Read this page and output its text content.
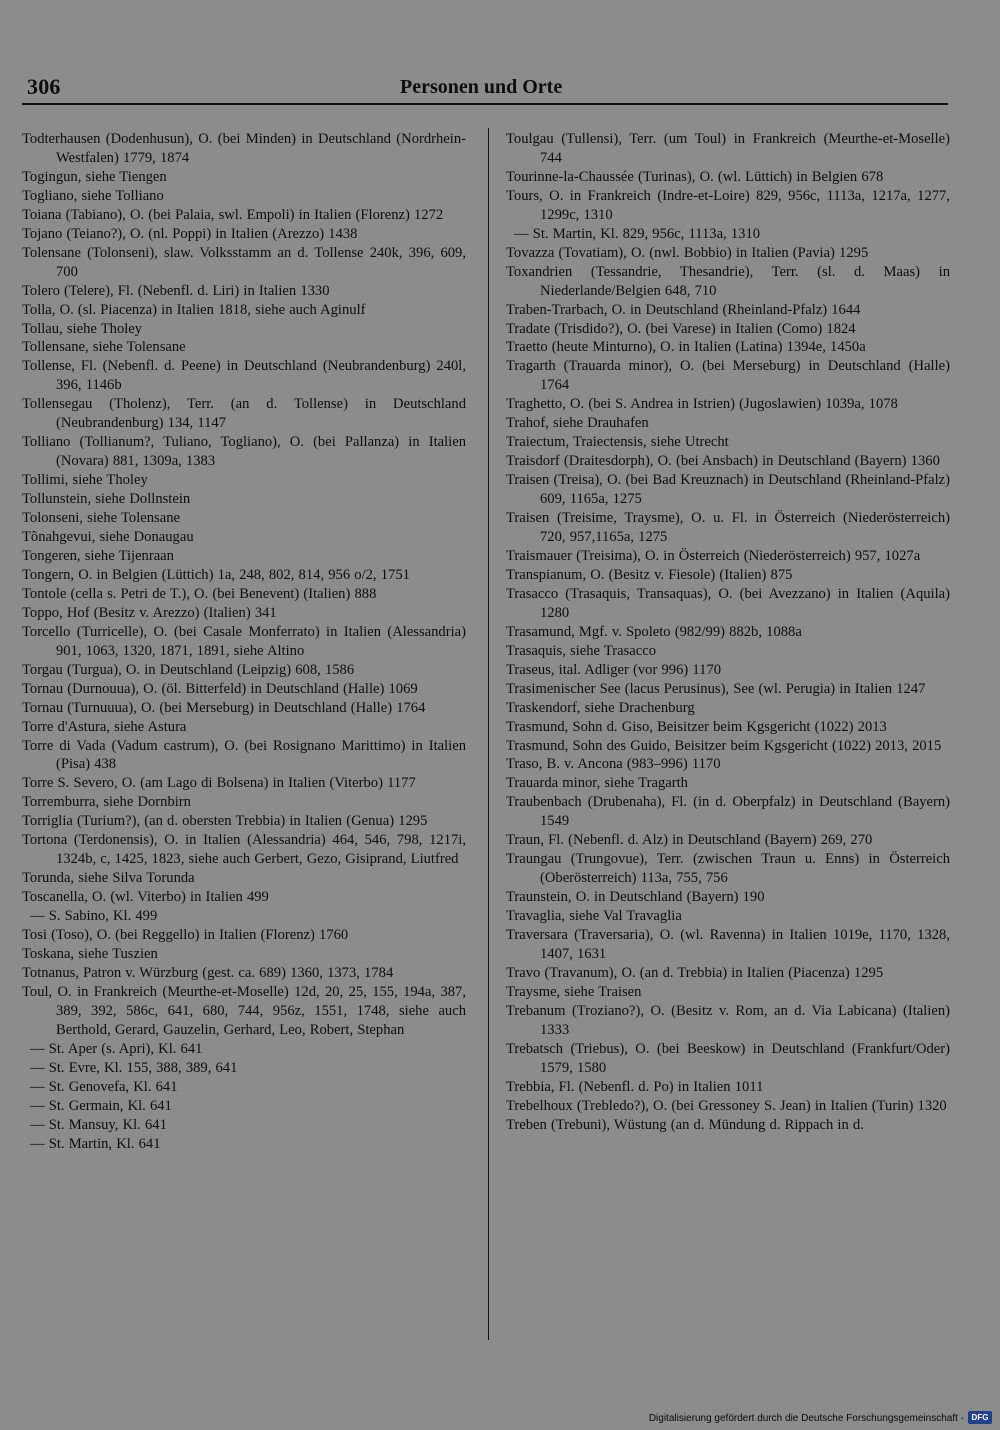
306	Personen und Orte

Todterhausen (Dodenhusun), O. (bei Minden) in Deutschland (Nordrhein-Westfalen) 1779, 1874

Togingun, siehe Tiengen

Togliano, siehe Tolliano

Toiana (Tabiano), O. (bei Palaia, swl. Empoli) in Italien (Florenz) 1272

Tojano (Teiano?), O. (nl. Poppi) in Italien (Arezzo) 1438

Tolensane (Tolonseni), slaw. Volksstamm an d. Tollense 240k, 396, 609, 700

Tolero (Telere), Fl. (Nebenfl. d. Liri) in Italien 1330

Tolla, O. (sl. Piacenza) in Italien 1818, siehe auch Aginulf

Tollau, siehe Tholey

Tollensane, siehe Tolensane

Tollense, Fl. (Nebenfl. d. Peene) in Deutschland (Neubrandenburg) 240l, 396, 1146b

Tollensegau (Tholenz), Terr. (an d. Tollense) in Deutschland (Neubrandenburg) 134, 1147

Tolliano (Tollianum?, Tuliano, Togliano), O. (bei Pallanza) in Italien (Novara) 881, 1309a, 1383

Tollimi, siehe Tholey

Tollunstein, siehe Dollnstein

Tolonseni, siehe Tolensane

Tõnahgevui, siehe Donaugau

Tongeren, siehe Tijenraan

Tongern, O. in Belgien (Lüttich) 1a, 248, 802, 814, 956 o/2, 1751

Tontole (cella s. Petri de T.), O. (bei Benevent) (Italien) 888

Toppo, Hof (Besitz v. Arezzo) (Italien) 341

Torcello (Turricelle), O. (bei Casale Monferrato) in Italien (Alessandria) 901, 1063, 1320, 1871, 1891, siehe Altino

Torgau (Turgua), O. in Deutschland (Leipzig) 608, 1586

Tornau (Durnouua), O. (öl. Bitterfeld) in Deutschland (Halle) 1069

Tornau (Turnuuua), O. (bei Merseburg) in Deutschland (Halle) 1764

Torre d'Astura, siehe Astura

Torre di Vada (Vadum castrum), O. (bei Rosignano Marittimo) in Italien (Pisa) 438

Torre S. Severo, O. (am Lago di Bolsena) in Italien (Viterbo) 1177

Torremburra, siehe Dornbirn

Torriglia (Turium?), (an d. obersten Trebbia) in Italien (Genua) 1295

Tortona (Terdonensis), O. in Italien (Alessandria) 464, 546, 798, 1217i, 1324b, c, 1425, 1823, siehe auch Gerbert, Gezo, Gisiprand, Liutfred

Torunda, siehe Silva Torunda

Toscanella, O. (wl. Viterbo) in Italien 499

— S. Sabino, Kl. 499

Tosi (Toso), O. (bei Reggello) in Italien (Florenz) 1760

Toskana, siehe Tuszien

Totnanus, Patron v. Würzburg (gest. ca. 689) 1360, 1373, 1784

Toul, O. in Frankreich (Meurthe-et-Moselle) 12d, 20, 25, 155, 194a, 387, 389, 392, 586c, 641, 680, 744, 956z, 1551, 1748, siehe auch Berthold, Gerard, Gauzelin, Gerhard, Leo, Robert, Stephan

— St. Aper (s. Apri), Kl. 641

— St. Evre, Kl. 155, 388, 389, 641

— St. Genovefa, Kl. 641

— St. Germain, Kl. 641

— St. Mansuy, Kl. 641

— St. Martin, Kl. 641

Toulgau (Tullensi), Terr. (um Toul) in Frankreich (Meurthe-et-Moselle) 744

Tourinne-la-Chaussée (Turinas), O. (wl. Lüttich) in Belgien 678

Tours, O. in Frankreich (Indre-et-Loire) 829, 956c, 1113a, 1217a, 1277, 1299c, 1310

— St. Martin, Kl. 829, 956c, 1113a, 1310

Tovazza (Tovatiam), O. (nwl. Bobbio) in Italien (Pavia) 1295

Toxandrien (Tessandrie, Thesandrie), Terr. (sl. d. Maas) in Niederlande/Belgien 648, 710

Traben-Trarbach, O. in Deutschland (Rheinland-Pfalz) 1644

Tradate (Trisdido?), O. (bei Varese) in Italien (Como) 1824

Traetto (heute Minturno), O. in Italien (Latina) 1394e, 1450a

Tragarth (Trauarda minor), O. (bei Merseburg) in Deutschland (Halle) 1764

Traghetto, O. (bei S. Andrea in Istrien) (Jugoslawien) 1039a, 1078

Trahof, siehe Drauhafen

Traiectum, Traiectensis, siehe Utrecht

Traisdorf (Draitesdorph), O. (bei Ansbach) in Deutschland (Bayern) 1360

Traisen (Treisa), O. (bei Bad Kreuznach) in Deutschland (Rheinland-Pfalz) 609, 1165a, 1275

Traisen (Treisime, Traysme), O. u. Fl. in Österreich (Niederösterreich) 720, 957,1165a, 1275

Traismauer (Treisima), O. in Österreich (Niederösterreich) 957, 1027a

Transpianum, O. (Besitz v. Fiesole) (Italien) 875

Trasacco (Trasaquis, Transaquas), O. (bei Avezzano) in Italien (Aquila) 1280

Trasamund, Mgf. v. Spoleto (982/99) 882b, 1088a

Trasaquis, siehe Trasacco

Traseus, ital. Adliger (vor 996) 1170

Trasimenischer See (lacus Perusinus), See (wl. Perugia) in Italien 1247

Traskendorf, siehe Drachenburg

Trasmund, Sohn d. Giso, Beisitzer beim Kgsgericht (1022) 2013

Trasmund, Sohn des Guido, Beisitzer beim Kgsgericht (1022) 2013, 2015

Traso, B. v. Ancona (983–996) 1170

Trauarda minor, siehe Tragarth

Traubenbach (Drubenaha), Fl. (in d. Oberpfalz) in Deutschland (Bayern) 1549

Traun, Fl. (Nebenfl. d. Alz) in Deutschland (Bayern) 269, 270

Traungau (Trungovue), Terr. (zwischen Traun u. Enns) in Österreich (Oberösterreich) 113a, 755, 756

Traunstein, O. in Deutschland (Bayern) 190

Travaglia, siehe Val Travaglia

Traversara (Traversaria), O. (wl. Ravenna) in Italien 1019e, 1170, 1328, 1407, 1631

Travo (Travanum), O. (an d. Trebbia) in Italien (Piacenza) 1295

Traysme, siehe Traisen

Trebanum (Troziano?), O. (Besitz v. Rom, an d. Via Labicana) (Italien) 1333

Trebatsch (Triebus), O. (bei Beeskow) in Deutschland (Frankfurt/Oder) 1579, 1580

Trebbia, Fl. (Nebenfl. d. Po) in Italien 1011

Trebelhoux (Trebledo?), O. (bei Gressoney S. Jean) in Italien (Turin) 1320

Treben (Trebuni), Wüstung (an d. Mündung d. Rippach in d.

Digitalisierung gefördert durch die Deutsche Forschungsgemeinschaft - DFG
